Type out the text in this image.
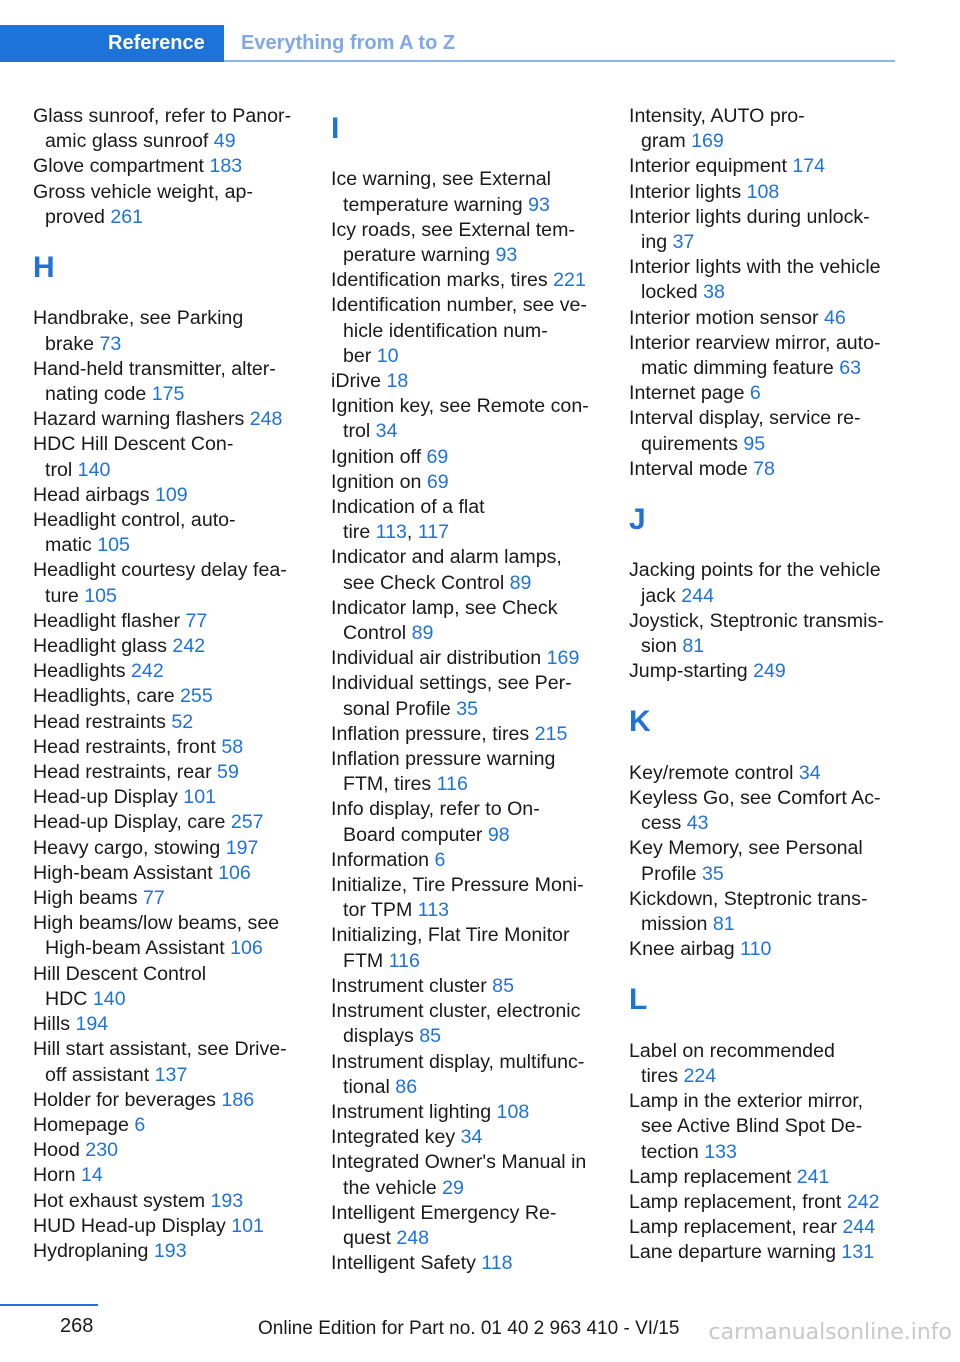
Reference	Everything from A to Z
Glass sunroof, refer to Panor-
amic glass sunroof 49
Glove compartment 183
Gross vehicle weight, ap-
proved 261
H
Handbrake, see Parking
brake 73
Hand-held transmitter, alter-
nating code 175
Hazard warning flashers 248
HDC Hill Descent Con-
trol 140
Head airbags 109
Headlight control, auto-
matic 105
Headlight courtesy delay fea-
ture 105
Headlight flasher 77
Headlight glass 242
Headlights 242
Headlights, care 255
Head restraints 52
Head restraints, front 58
Head restraints, rear 59
Head-up Display 101
Head-up Display, care 257
Heavy cargo, stowing 197
High-beam Assistant 106
High beams 77
High beams/low beams, see
High-beam Assistant 106
Hill Descent Control
HDC 140
Hills 194
Hill start assistant, see Drive-
off assistant 137
Holder for beverages 186
Homepage 6
Hood 230
Horn 14
Hot exhaust system 193
HUD Head-up Display 101
Hydroplaning 193
I
Ice warning, see External
temperature warning 93
Icy roads, see External tem-
perature warning 93
Identification marks, tires 221
Identification number, see ve-
hicle identification num-
ber 10
iDrive 18
Ignition key, see Remote con-
trol 34
Ignition off 69
Ignition on 69
Indication of a flat
tire 113, 117
Indicator and alarm lamps,
see Check Control 89
Indicator lamp, see Check
Control 89
Individual air distribution 169
Individual settings, see Per-
sonal Profile 35
Inflation pressure, tires 215
Inflation pressure warning
FTM, tires 116
Info display, refer to On-
Board computer 98
Information 6
Initialize, Tire Pressure Moni-
tor TPM 113
Initializing, Flat Tire Monitor
FTM 116
Instrument cluster 85
Instrument cluster, electronic
displays 85
Instrument display, multifunc-
tional 86
Instrument lighting 108
Integrated key 34
Integrated Owner's Manual in
the vehicle 29
Intelligent Emergency Re-
quest 248
Intelligent Safety 118
Intensity, AUTO pro-
gram 169
Interior equipment 174
Interior lights 108
Interior lights during unlock-
ing 37
Interior lights with the vehicle
locked 38
Interior motion sensor 46
Interior rearview mirror, auto-
matic dimming feature 63
Internet page 6
Interval display, service re-
quirements 95
Interval mode 78
J
Jacking points for the vehicle
jack 244
Joystick, Steptronic transmis-
sion 81
Jump-starting 249
K
Key/remote control 34
Keyless Go, see Comfort Ac-
cess 43
Key Memory, see Personal
Profile 35
Kickdown, Steptronic trans-
mission 81
Knee airbag 110
L
Label on recommended
tires 224
Lamp in the exterior mirror,
see Active Blind Spot De-
tection 133
Lamp replacement 241
Lamp replacement, front 242
Lamp replacement, rear 244
Lane departure warning 131
268	Online Edition for Part no. 01 40 2 963 410 - VI/15 carmanualsonline.info
